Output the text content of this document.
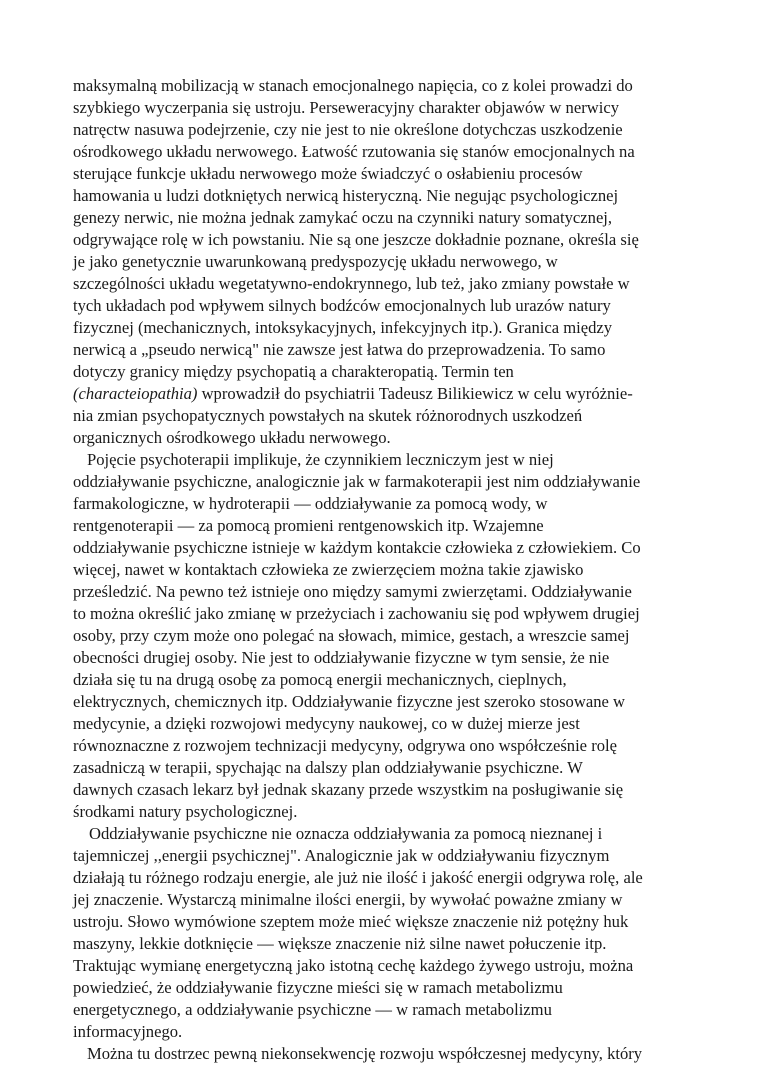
maksymalną mobilizacją w stanach emocjonalnego napięcia, co z kolei prowadzi do
szybkiego wyczerpania się ustroju. Perseweracyjny charakter objawów w nerwicy
natręctw nasuwa podejrzenie, czy nie jest to nie określone dotychczas uszkodzenie
ośrodkowego układu nerwowego. Łatwość rzutowania się stanów emocjonalnych na
sterujące funkcje układu nerwowego może świadczyć o osłabieniu procesów
hamowania u ludzi dotkniętych nerwicą histeryczną. Nie negując psychologicznej
genezy nerwic, nie można jednak zamykać oczu na czynniki natury somatycznej,
odgrywające rolę w ich powstaniu. Nie są one jeszcze dokładnie poznane, określa się
je jako genetycznie uwarunkowaną predyspozycję układu nerwowego, w
szczególności układu wegetatywno-endokrynnego, lub też, jako zmiany powstałe w
tych układach pod wpływem silnych bodźców emocjonalnych lub urazów natury
fizycznej (mechanicznych, intoksykacyjnych, infekcyjnych itp.). Granica między
nerwicą a „pseudo nerwicą" nie zawsze jest łatwa do przeprowadzenia. To samo
dotyczy granicy między psychopatią a charakteropatią. Termin ten
(characteiopathia) wprowadził do psychiatrii Tadeusz Bilikiewicz w celu wyróżnie-
nia zmian psychopatycznych powstałych na skutek różnorodnych uszkodzeń
organicznych ośrodkowego układu nerwowego.
Pojęcie psychoterapii implikuje, że czynnikiem leczniczym jest w niej
oddziaływanie psychiczne, analogicznie jak w farmakoterapii jest nim oddziaływanie
farmakologiczne, w hydroterapii — oddziaływanie za pomocą wody, w
rentgenoterapii — za pomocą promieni rentgenowskich itp. Wzajemne
oddziaływanie psychiczne istnieje w każdym kontakcie człowieka z człowiekiem. Co
więcej, nawet w kontaktach człowieka ze zwierzęciem można takie zjawisko
prześledzić. Na pewno też istnieje ono między samymi zwierzętami. Oddziaływanie
to można określić jako zmianę w przeżyciach i zachowaniu się pod wpływem drugiej
osoby, przy czym może ono polegać na słowach, mimice, gestach, a wreszcie samej
obecności drugiej osoby. Nie jest to oddziaływanie fizyczne w tym sensie, że nie
działa się tu na drugą osobę za pomocą energii mechanicznych, cieplnych,
elektrycznych, chemicznych itp. Oddziaływanie fizyczne jest szeroko stosowane w
medycynie, a dzięki rozwojowi medycyny naukowej, co w dużej mierze jest
równoznaczne z rozwojem technizacji medycyny, odgrywa ono współcześnie rolę
zasadniczą w terapii, spychając na dalszy plan oddziaływanie psychiczne. W
dawnych czasach lekarz był jednak skazany przede wszystkim na posługiwanie się
środkami natury psychologicznej.
Oddziaływanie psychiczne nie oznacza oddziaływania za pomocą nieznanej i
tajemniczej ,,energii psychicznej". Analogicznie jak w oddziaływaniu fizycznym
działają tu różnego rodzaju energie, ale już nie ilość i jakość energii odgrywa rolę, ale
jej znaczenie. Wystarczą minimalne ilości energii, by wywołać poważne zmiany w
ustroju. Słowo wymówione szeptem może mieć większe znaczenie niż potężny huk
maszyny, lekkie dotknięcie — większe znaczenie niż silne nawet połuczenie itp.
Traktując wymianę energetyczną jako istotną cechę każdego żywego ustroju, można
powiedzieć, że oddziaływanie fizyczne mieści się w ramach metabolizmu
energetycznego, a oddziaływanie psychiczne — w ramach metabolizmu
informacyjnego.
Można tu dostrzec pewną niekonsekwencję rozwoju współczesnej medycyny, który
